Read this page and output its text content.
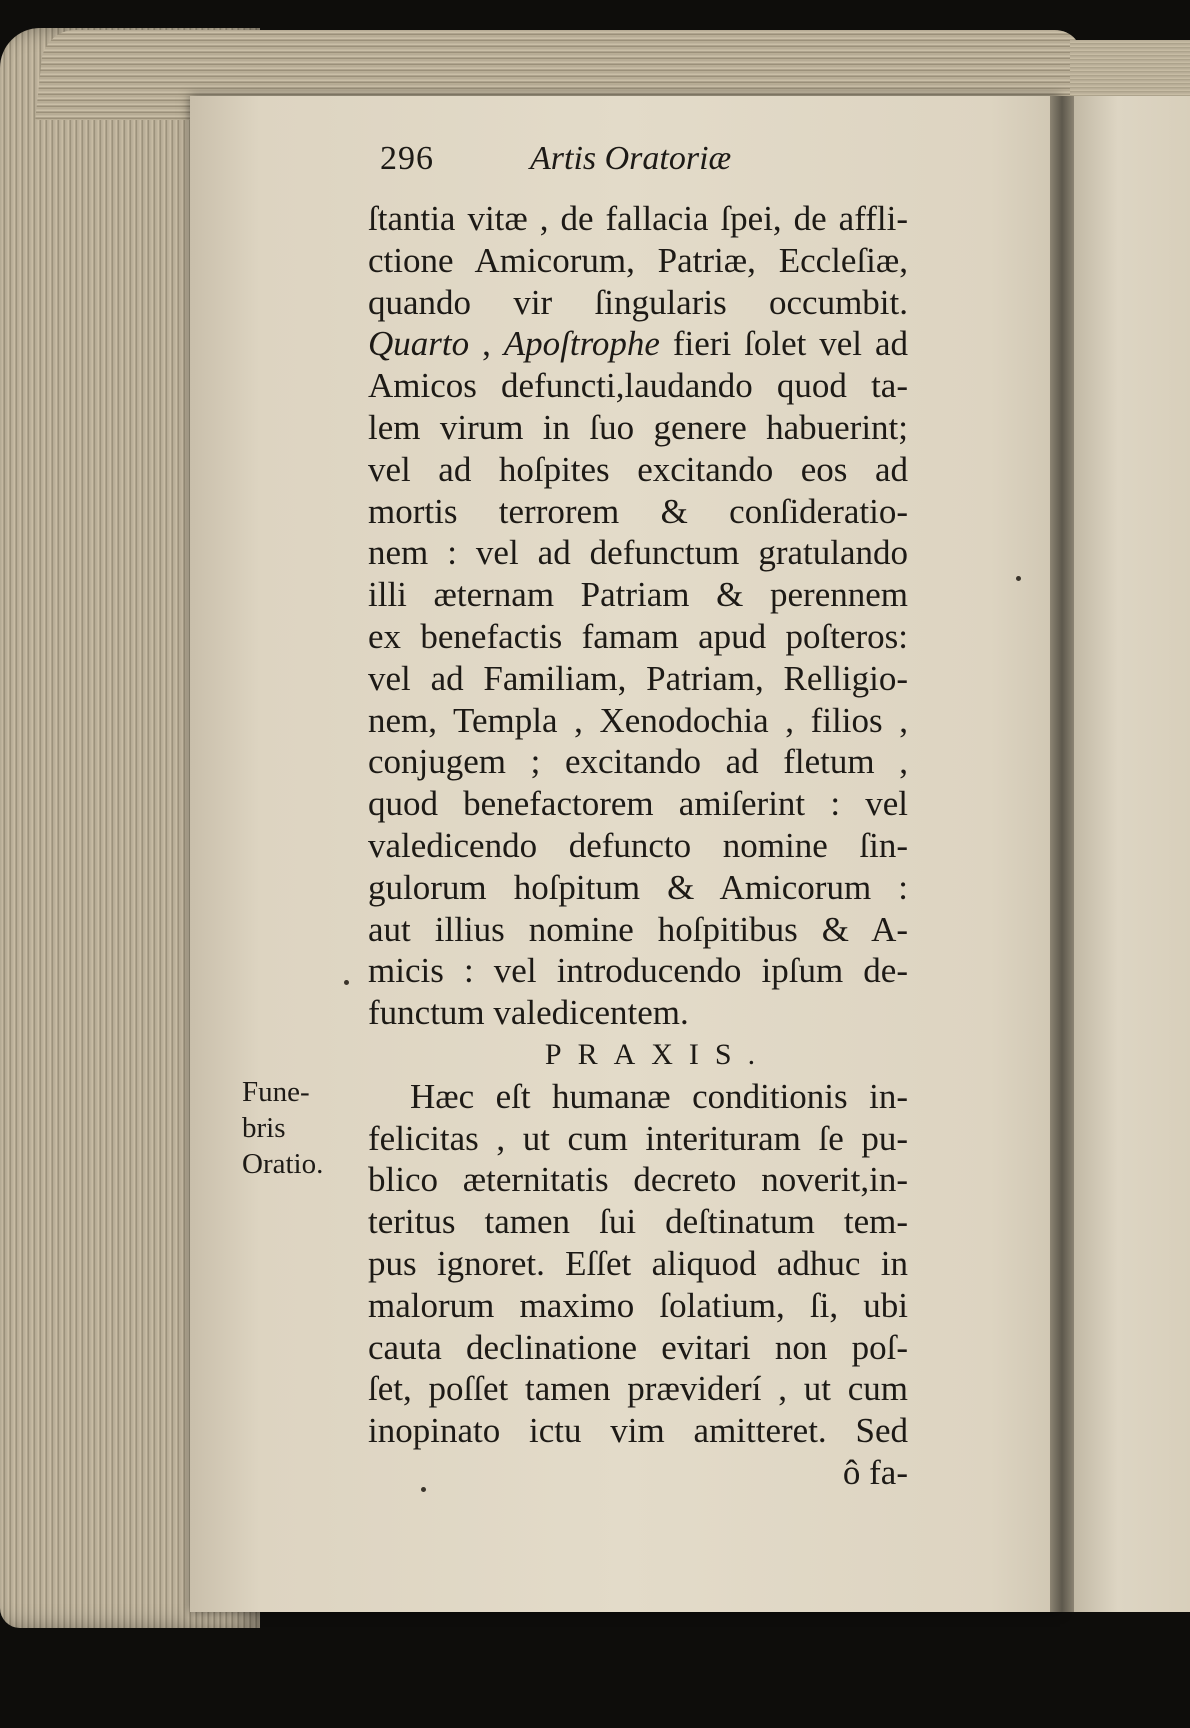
296	Artis Oratoriæ
ſtantia vitæ , de fallacia ſpei, de affli-
ctione Amicorum, Patriæ, Eccleſiæ,
quando vir ſingularis occumbit.
Quarto , Apoſtrophe fieri ſolet vel ad
Amicos defuncti,laudando quod ta-
lem virum in ſuo genere habuerint;
vel ad hoſpites excitando eos ad
mortis terrorem & conſideratio-
nem : vel ad defunctum gratulando
illi æternam Patriam & perennem
ex benefactis famam apud poſteros:
vel ad Familiam, Patriam, Relligio-
nem, Templa , Xenodochia , filios ,
conjugem ; excitando ad fletum ,
quod benefactorem amiſerint : vel
valedicendo defuncto nomine ſin-
gulorum hoſpitum & Amicorum :
aut illius nomine hoſpitibus & A-
micis : vel introducendo ipſum de-
functum valedicentem.
PRAXIS.
Hæc eſt humanæ conditionis in-
felicitas , ut cum interituram ſe pu-
blico æternitatis decreto noverit,in-
teritus tamen ſui deſtinatum tem-
pus ignoret. Eſſet aliquod adhuc in
malorum maximo ſolatium, ſi, ubi
cauta declinatione evitari non poſ-
ſet, poſſet tamen præviderí , ut cum
inopinato ictu vim amitteret. Sed
ô fa-
Fune-
bris
Oratio.
